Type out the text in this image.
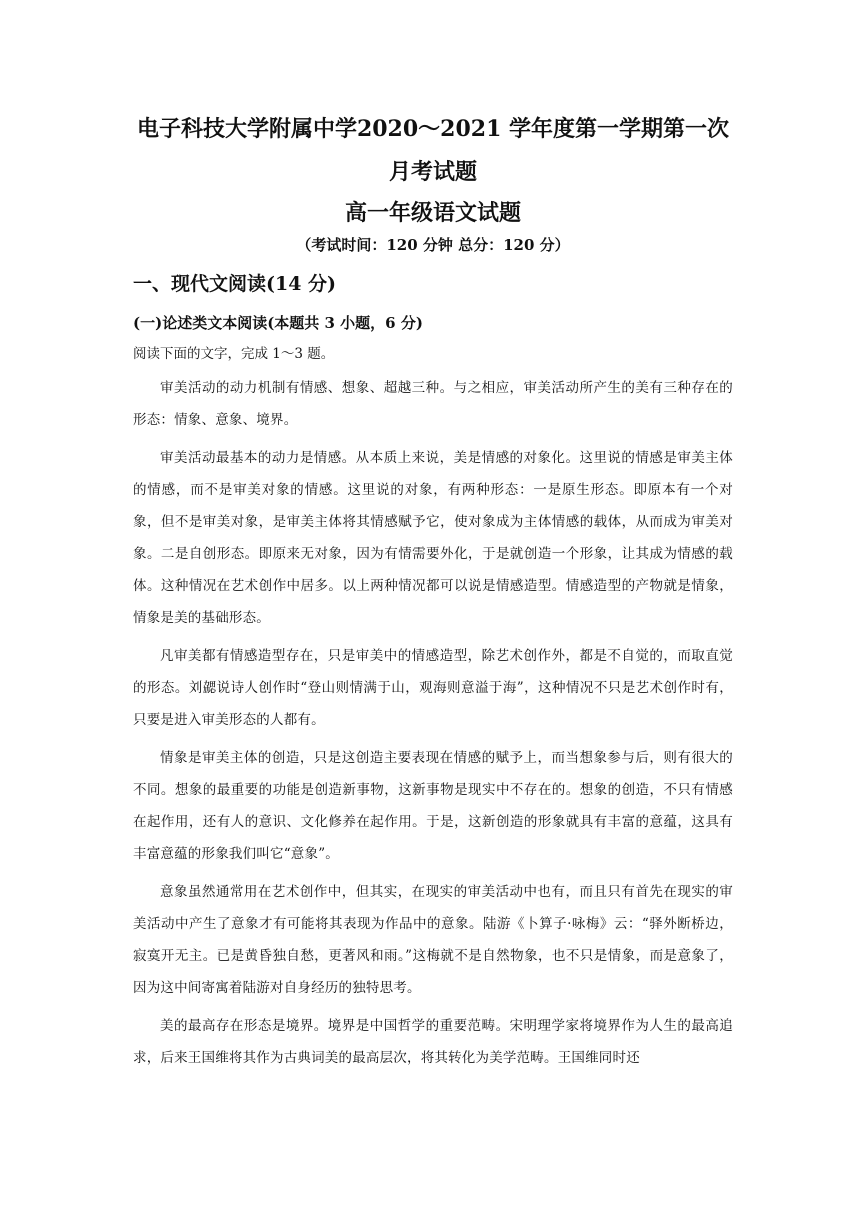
电子科技大学附属中学2020～2021 学年度第一学期第一次月考试题
高一年级语文试题

（考试时间：120 分钟 总分：120 分）

一、现代文阅读(14 分)
(一)论述类文本阅读(本题共 3 小题，6 分)

阅读下面的文字，完成 1～3 题。

审美活动的动力机制有情感、想象、超越三种。与之相应，审美活动所产生的美有三种存在的形态：情象、意象、境界。

审美活动最基本的动力是情感。从本质上来说，美是情感的对象化。这里说的情感是审美主体的情感，而不是审美对象的情感。这里说的对象，有两种形态：一是原生形态。即原本有一个对象，但不是审美对象，是审美主体将其情感赋予它，使对象成为主体情感的载体，从而成为审美对象。二是自创形态。即原来无对象，因为有情需要外化，于是就创造一个形象，让其成为情感的载体。这种情况在艺术创作中居多。以上两种情况都可以说是情感造型。情感造型的产物就是情象，情象是美的基础形态。

凡审美都有情感造型存在，只是审美中的情感造型，除艺术创作外，都是不自觉的，而取直觉的形态。刘勰说诗人创作时“登山则情满于山，观海则意溢于海”，这种情况不只是艺术创作时有，只要是进入审美形态的人都有。

情象是审美主体的创造，只是这创造主要表现在情感的赋予上，而当想象参与后，则有很大的不同。想象的最重要的功能是创造新事物，这新事物是现实中不存在的。想象的创造，不只有情感在起作用，还有人的意识、文化修养在起作用。于是，这新创造的形象就具有丰富的意蕴，这具有丰富意蕴的形象我们叫它“意象”。

意象虽然通常用在艺术创作中，但其实，在现实的审美活动中也有，而且只有首先在现实的审美活动中产生了意象才有可能将其表现为作品中的意象。陆游《卜算子·咏梅》云：“驿外断桥边，寂寞开无主。已是黄昏独自愁，更著风和雨。”这梅就不是自然物象，也不只是情象，而是意象了，因为这中间寄寓着陆游对自身经历的独特思考。

美的最高存在形态是境界。境界是中国哲学的重要范畴。宋明理学家将境界作为人生的最高追求，后来王国维将其作为古典词美的最高层次，将其转化为美学范畴。王国维同时还
